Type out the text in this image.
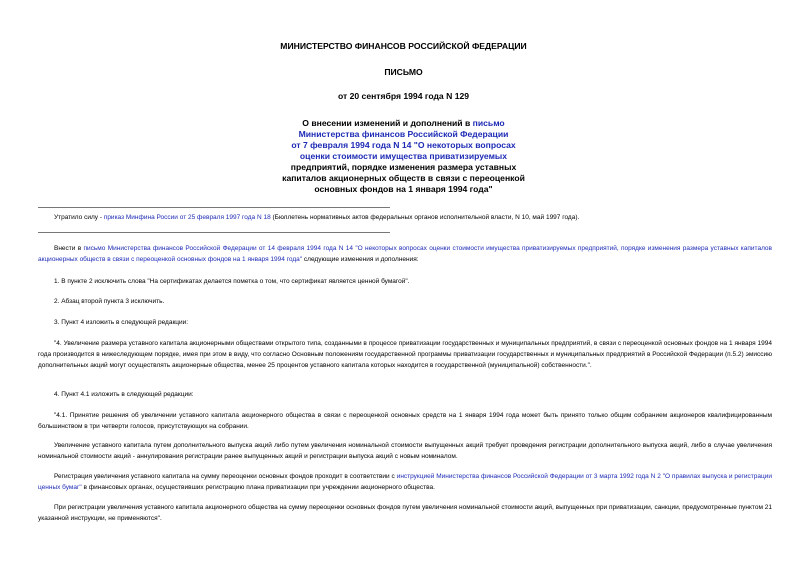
МИНИСТЕРСТВО ФИНАНСОВ РОССИЙСКОЙ ФЕДЕРАЦИИ
ПИСЬМО
от 20 сентября 1994 года N 129
О внесении изменений и дополнений в письмо
Министерства финансов Российской Федерации
от 7 февраля 1994 года N 14 "О некоторых вопросах
оценки стоимости имущества приватизируемых
предприятий, порядке изменения размера уставных
капиталов акционерных обществ в связи с переоценкой
основных фондов на 1 января 1994 года"
Утратило силу - приказ Минфина России от 25 февраля 1997 года N 18 (Бюллетень нормативных актов федеральных органов исполнительной власти, N 10, май 1997 года).
Внести в письмо Министерства финансов Российской Федерации от 14 февраля 1994 года N 14 "О некоторых вопросах оценки стоимости имущества приватизируемых предприятий, порядке изменения размера уставных капиталов акционерных обществ в связи с переоценкой основных фондов на 1 января 1994 года" следующие изменения и дополнения:
1. В пункте 2 исключить слова "На сертификатах делается пометка о том, что сертификат является ценной бумагой".
2. Абзац второй пункта 3 исключить.
3. Пункт 4 изложить в следующей редакции:
"4. Увеличение размера уставного капитала акционерными обществами открытого типа, созданными в процессе приватизации государственных и муниципальных предприятий, в связи с переоценкой основных фондов на 1 января 1994 года производится в нижеследующем порядке, имея при этом в виду, что согласно Основным положениям государственной программы приватизации государственных и муниципальных предприятий в Российской Федерации (п.5.2) эмиссию дополнительных акций могут осуществлять акционерные общества, менее 25 процентов уставного капитала которых находится в государственной (муниципальной) собственности.".
4. Пункт 4.1 изложить в следующей редакции:
"4.1. Принятие решения об увеличении уставного капитала акционерного общества в связи с переоценкой основных средств на 1 января 1994 года может быть принято только общим собранием акционеров квалифицированным большинством в три четверти голосов, присутствующих на собрании.
Увеличение уставного капитала путем дополнительного выпуска акций либо путем увеличения номинальной стоимости выпущенных акций требует проведения регистрации дополнительного выпуска акций, либо в случае увеличения номинальной стоимости акций - аннулирования регистрации ранее выпущенных акций и регистрации выпуска акций с новым номиналом.
Регистрация увеличения уставного капитала на сумму переоценки основных фондов проходит в соответствии с инструкцией Министерства финансов Российской Федерации от 3 марта 1992 года N 2 "О правилах выпуска и регистрации ценных бумаг" в финансовых органах, осуществивших регистрацию плана приватизации при учреждении акционерного общества.
При регистрации увеличения уставного капитала акционерного общества на сумму переоценки основных фондов путем увеличения номинальной стоимости акций, выпущенных при приватизации, санкции, предусмотренные пунктом 21 указанной инструкции, не применяются".
